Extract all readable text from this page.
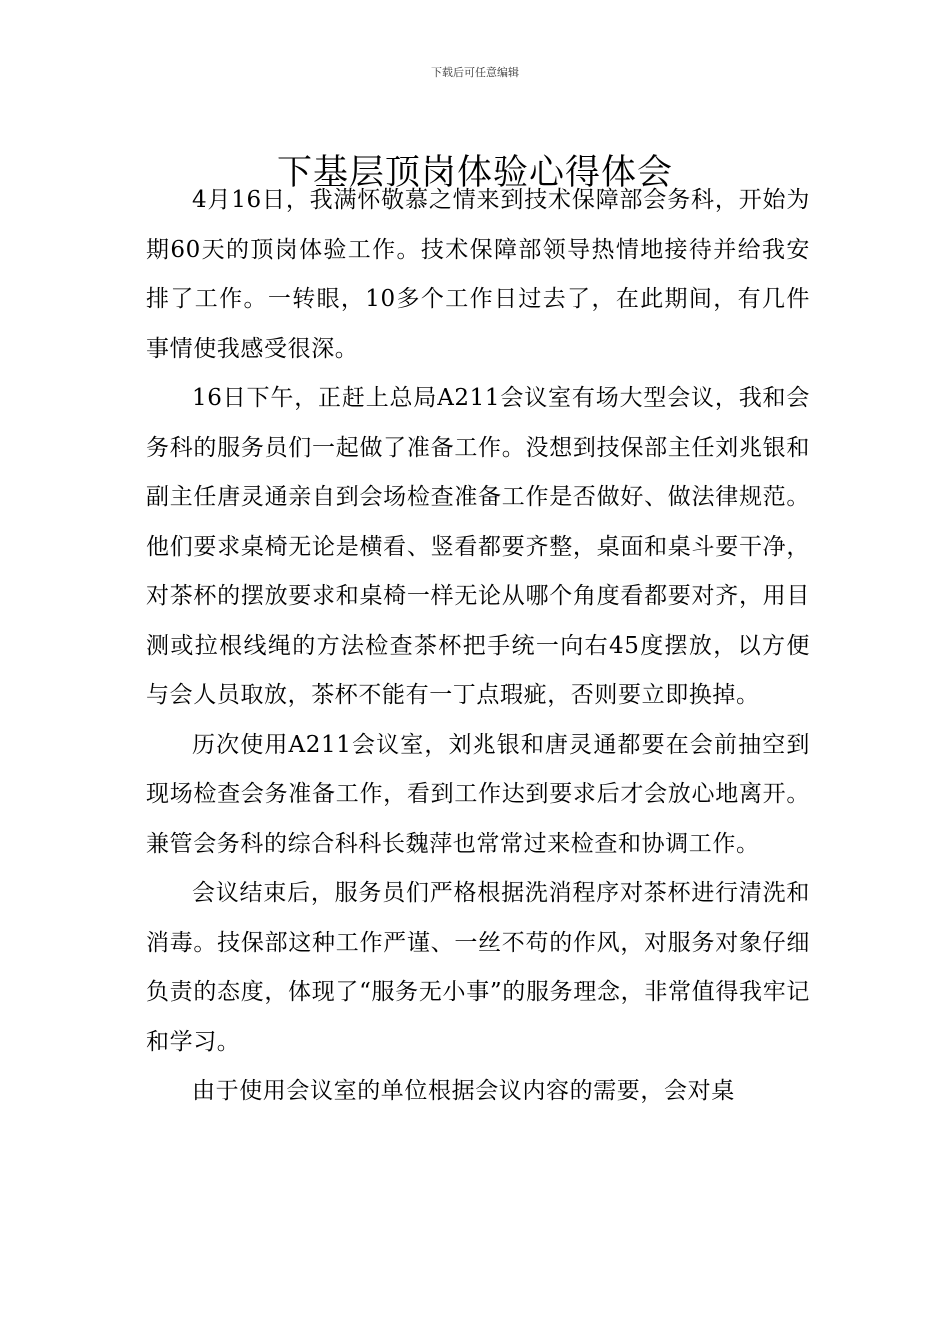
下载后可任意编辑
下基层顶岗体验心得体会

4月16日，我满怀敬慕之情来到技术保障部会务科，开始为期60天的顶岗体验工作。技术保障部领导热情地接待并给我安排了工作。一转眼，10多个工作日过去了，在此期间，有几件事情使我感受很深。

16日下午，正赶上总局A211会议室有场大型会议，我和会务科的服务员们一起做了准备工作。没想到技保部主任刘兆银和副主任唐灵通亲自到会场检查准备工作是否做好、做法律规范。他们要求桌椅无论是横看、竖看都要齐整，桌面和桌斗要干净，对茶杯的摆放要求和桌椅一样无论从哪个角度看都要对齐，用目测或拉根线绳的方法检查茶杯把手统一向右45度摆放，以方便与会人员取放，茶杯不能有一丁点瑕疵，否则要立即换掉。

历次使用A211会议室，刘兆银和唐灵通都要在会前抽空到现场检查会务准备工作，看到工作达到要求后才会放心地离开。兼管会务科的综合科科长魏萍也常常过来检查和协调工作。

会议结束后，服务员们严格根据洗消程序对茶杯进行清洗和消毒。技保部这种工作严谨、一丝不苟的作风，对服务对象仔细负责的态度，体现了“服务无小事”的服务理念，非常值得我牢记和学习。

由于使用会议室的单位根据会议内容的需要，会对桌
